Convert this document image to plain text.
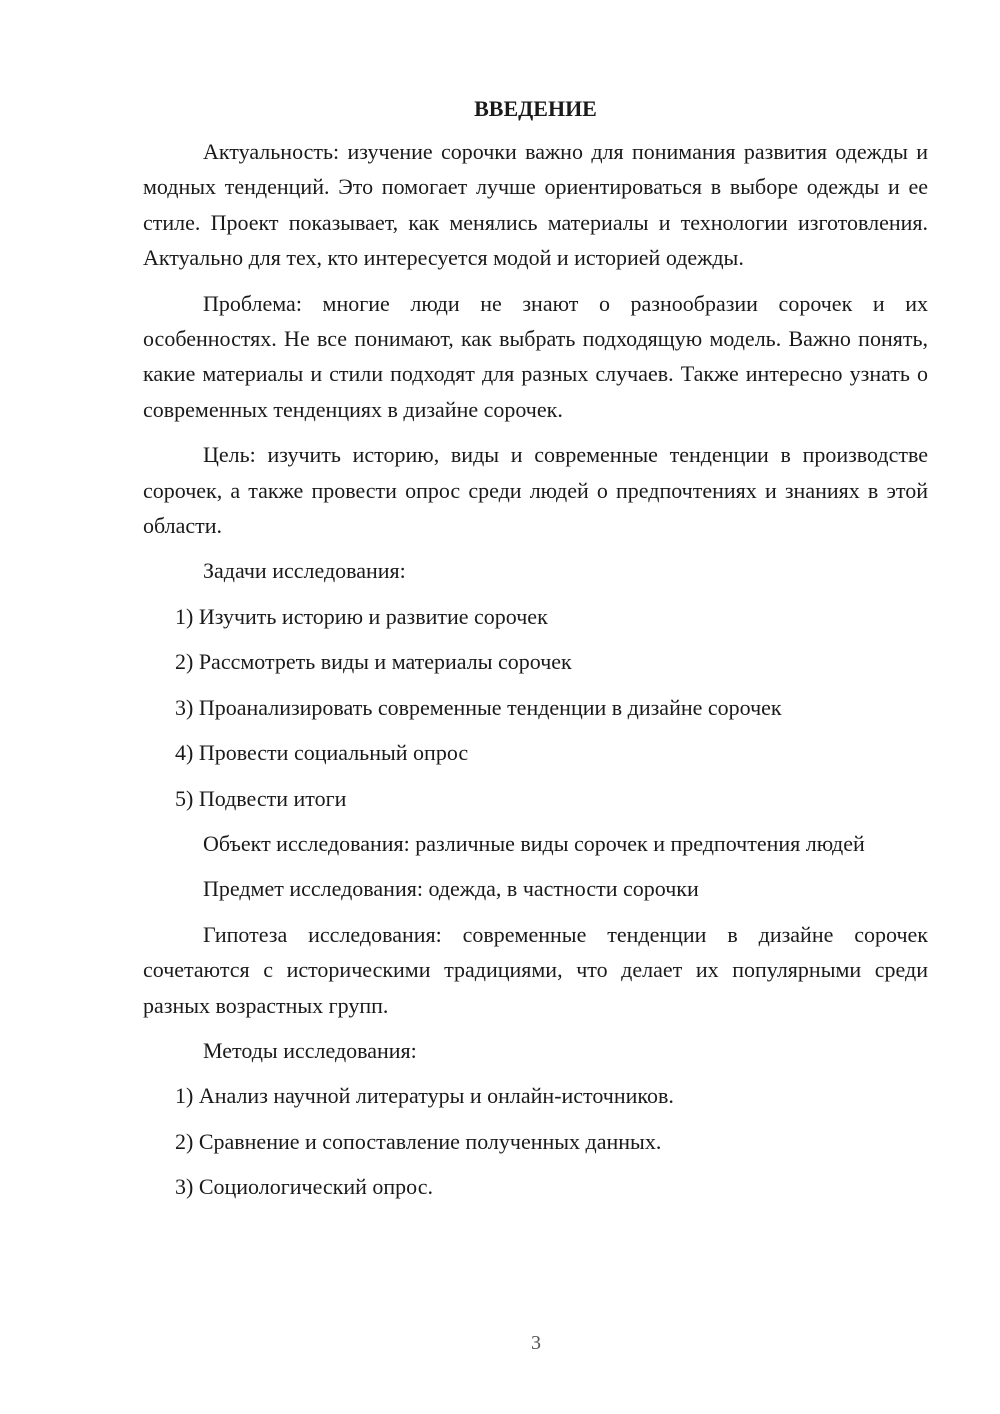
ВВЕДЕНИЕ

Актуальность: изучение сорочки важно для понимания развития одежды и модных тенденций. Это помогает лучше ориентироваться в выборе одежды и ее стиле. Проект показывает, как менялись материалы и технологии изготовления. Актуально для тех, кто интересуется модой и историей одежды.

Проблема: многие люди не знают о разнообразии сорочек и их особенностях. Не все понимают, как выбрать подходящую модель. Важно понять, какие материалы и стили подходят для разных случаев. Также интересно узнать о современных тенденциях в дизайне сорочек.

Цель: изучить историю, виды и современные тенденции в производстве сорочек, а также провести опрос среди людей о предпочтениях и знаниях в этой области.

Задачи исследования:

1) Изучить историю и развитие сорочек
2) Рассмотреть виды и материалы сорочек
3) Проанализировать современные тенденции в дизайне сорочек
4) Провести социальный опрос
5) Подвести итоги

Объект исследования: различные виды сорочек и предпочтения людей

Предмет исследования: одежда, в частности сорочки

Гипотеза исследования: современные тенденции в дизайне сорочек сочетаются с историческими традициями, что делает их популярными среди разных возрастных групп.

Методы исследования:

1) Анализ научной литературы и онлайн-источников.
2) Сравнение и сопоставление полученных данных.
3) Социологический опрос.
3
